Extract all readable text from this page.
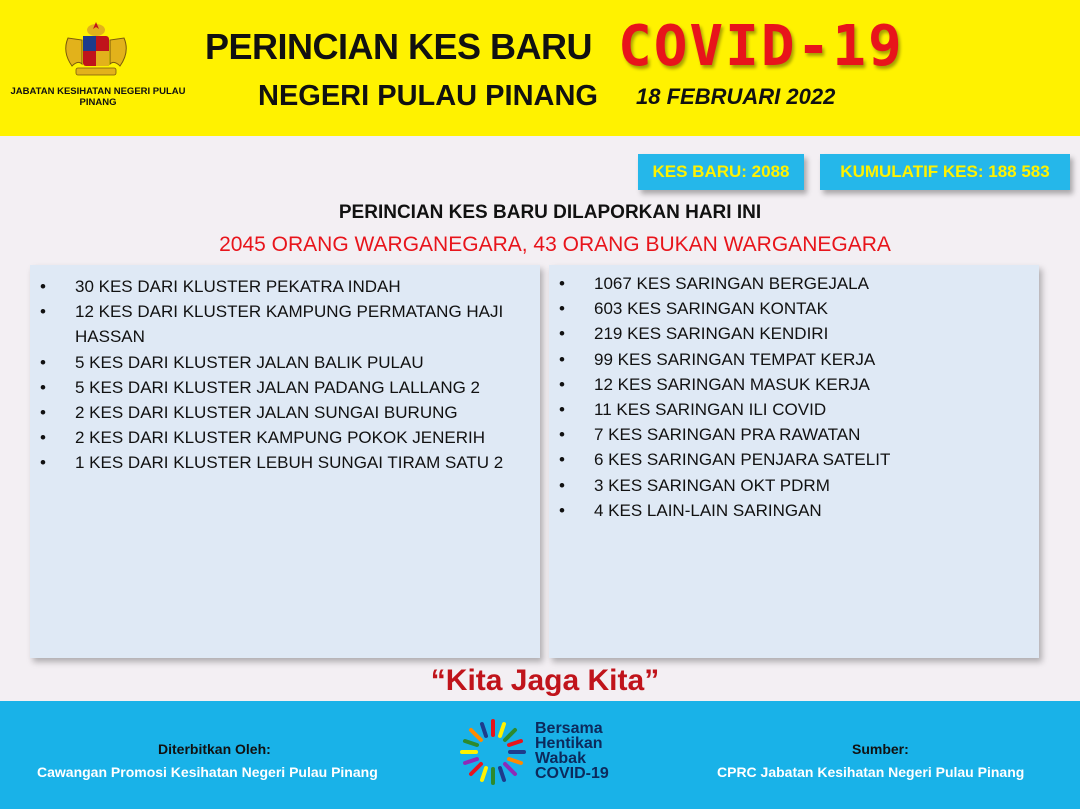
JABATAN KESIHATAN NEGERI PULAU PINANG
PERINCIAN KES BARU COVID-19
NEGERI PULAU PINANG 18 FEBRUARI 2022
KES BARU: 2088	KUMULATIF KES: 188 583
PERINCIAN KES BARU DILAPORKAN HARI INI
2045 ORANG WARGANEGARA, 43 ORANG BUKAN WARGANEGARA
• 30 KES DARI KLUSTER PEKATRA INDAH
• 12 KES DARI KLUSTER KAMPUNG PERMATANG HAJI HASSAN
• 5 KES DARI KLUSTER JALAN BALIK PULAU
• 5 KES DARI KLUSTER JALAN PADANG LALLANG 2
• 2 KES DARI KLUSTER JALAN SUNGAI BURUNG
• 2 KES DARI KLUSTER KAMPUNG POKOK JENERIH
• 1 KES DARI KLUSTER LEBUH SUNGAI TIRAM SATU 2
• 1067 KES SARINGAN BERGEJALA
• 603 KES SARINGAN KONTAK
• 219 KES SARINGAN KENDIRI
• 99 KES SARINGAN TEMPAT KERJA
• 12 KES SARINGAN MASUK KERJA
• 11 KES SARINGAN ILI COVID
• 7 KES SARINGAN PRA RAWATAN
• 6 KES SARINGAN PENJARA SATELIT
• 3 KES SARINGAN OKT PDRM
• 4 KES LAIN-LAIN SARINGAN
“Kita Jaga Kita”
Diterbitkan Oleh:
Cawangan Promosi Kesihatan Negeri Pulau Pinang
Bersama
Hentikan
Wabak
COVID-19
Sumber:
CPRC Jabatan Kesihatan Negeri Pulau Pinang
